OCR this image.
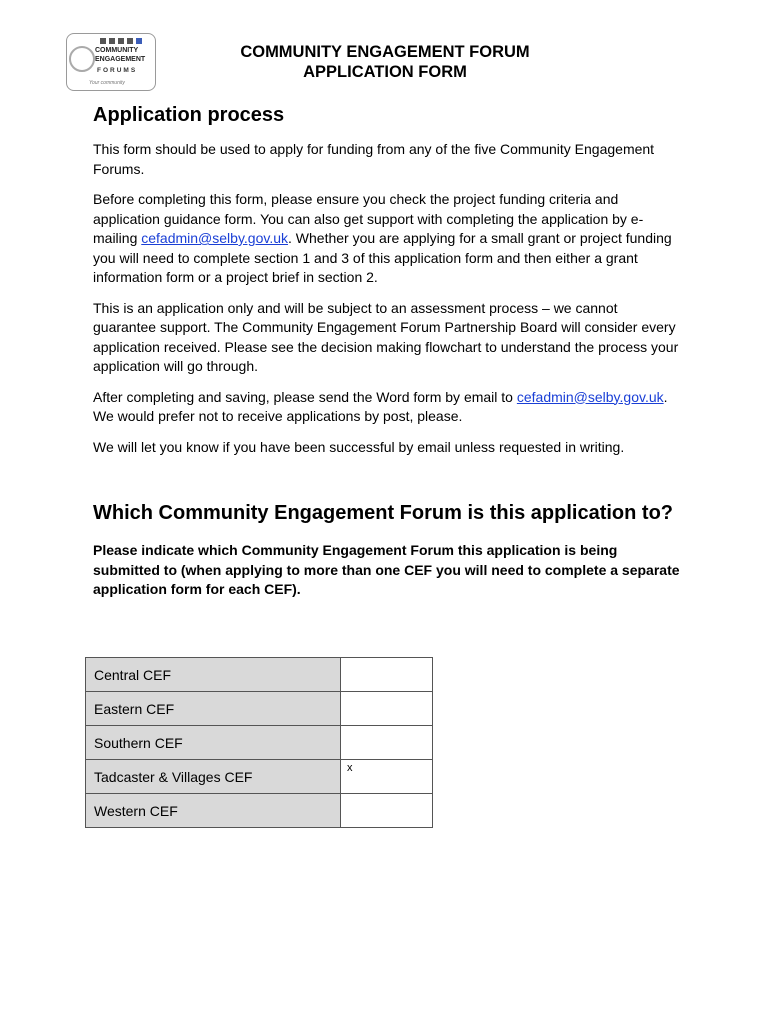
COMMUNITY
ENGAGEMENT
FORUMS
Your community
COMMUNITY ENGAGEMENT FORUM
APPLICATION FORM
Application process

This form should be used to apply for funding from any of the five Community Engagement Forums.

Before completing this form, please ensure you check the project funding criteria and application guidance form. You can also get support with completing the application by e-mailing cefadmin@selby.gov.uk. Whether you are applying for a small grant or project funding you will need to complete section 1 and 3 of this application form and then either a grant information form or a project brief in section 2.

This is an application only and will be subject to an assessment process – we cannot guarantee support. The Community Engagement Forum Partnership Board will consider every application received. Please see the decision making flowchart to understand the process your application will go through.

After completing and saving, please send the Word form by email to cefadmin@selby.gov.uk. We would prefer not to receive applications by post, please.

We will let you know if you have been successful by email unless requested in writing.

Which Community Engagement Forum is this application to?

Please indicate which Community Engagement Forum this application is being submitted to (when applying to more than one CEF you will need to complete a separate application form for each CEF).

Central CEF	
Eastern CEF	
Southern CEF	
Tadcaster & Villages CEF	x
Western CEF	
